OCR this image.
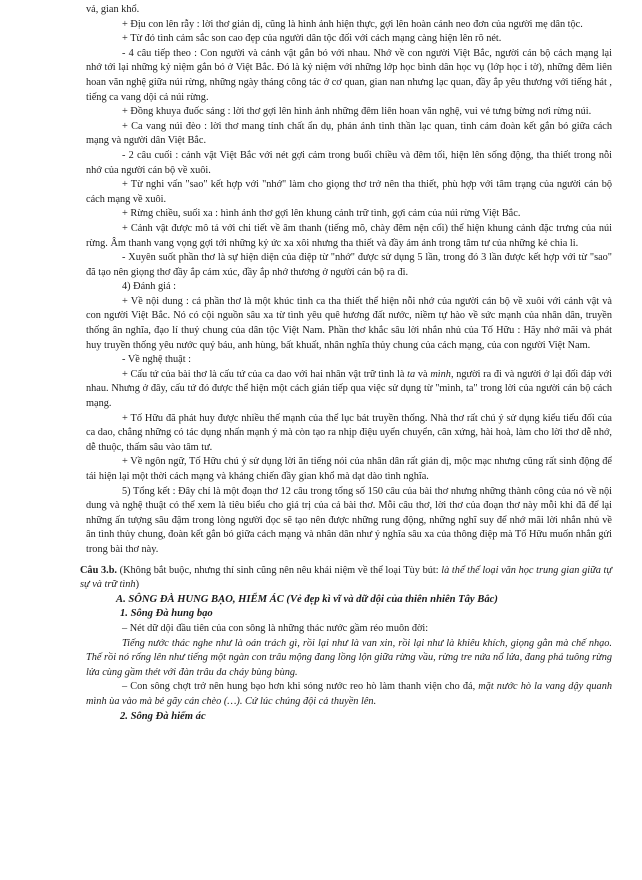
vả, gian khổ.

+ Địu con lên rẫy : lời thơ giản dị, cũng là hình ảnh hiện thực, gợi lên hoàn cảnh neo đơn của người mẹ dân tộc.

+ Từ đó tình cảm sắc son cao đẹp của người dân tộc đối với cách mạng càng hiện lên rõ nét.

- 4 câu tiếp theo : Con người và cảnh vật gắn bó với nhau. Nhớ về con người Việt Bắc, người cán bộ cách mạng lại nhớ tới lại những kỷ niệm gắn bó ở Việt Bắc. Đó là kỷ niệm với những lớp học bình dân học vụ (lớp học i tờ), những đêm liên hoan văn nghệ giữa núi rừng, những ngày tháng công tác ở cơ quan, gian nan nhưng lạc quan, đầy ắp yêu thương với tiếng hát , tiếng ca vang dội cả núi rừng.

+ Đồng khuya đuốc sáng : lời thơ gợi lên hình ảnh những đêm liên hoan văn nghệ, vui vẻ tưng bừng nơi rừng núi.

+ Ca vang núi đèo : lời thơ mang tính chất ẩn dụ, phản ánh tinh thần lạc quan, tình cảm đoàn kết gắn bó giữa cách mạng và người dân Việt Bắc.

- 2 câu cuối : cảnh vật Việt Bắc với nét gợi cảm trong buổi chiều và đêm tối, hiện lên sống động, tha thiết trong nỗi nhớ của người cán bộ về xuôi.

+ Từ nghi vấn "sao" kết hợp với "nhớ" làm cho giọng thơ trở nên tha thiết, phù hợp với tâm trạng của người cán bộ cách mạng về xuôi.

+ Rừng chiều, suối xa : hình ảnh thơ gợi lên khung cảnh trữ tình, gợi cảm của núi rừng Việt Bắc.

+ Cảnh vật được mô tả với chi tiết về âm thanh (tiếng mõ, chày đêm nện cối) thể hiện khung cảnh đặc trưng của núi rừng. Âm thanh vang vọng gợi tới những kỷ ức xa xôi nhưng tha thiết và đầy ám ảnh trong tâm tư của những kẻ chia li.

- Xuyên suốt phần thơ là sự hiện diện của điệp từ "nhớ" được sử dụng 5 lần, trong đó 3 lần được kết hợp với từ "sao" đã tạo nên giọng thơ đầy ắp cảm xúc, đầy ắp nhớ thương ở người cán bộ ra đi.

4) Đánh giá :

+ Về nội dung : cả phần thơ là một khúc tình ca tha thiết thể hiện nỗi nhớ của người cán bộ về xuôi với cảnh vật và con người Việt Bắc. Nó có cội nguồn sâu xa từ tình yêu quê hương đất nước, niềm tự hào về sức mạnh của nhân dân, truyền thống ân nghĩa, đạo lí thuỷ chung của dân tộc Việt Nam. Phần thơ khắc sâu lời nhắn nhủ của Tố Hữu : Hãy nhớ mãi và phát huy truyền thống yêu nước quý báu, anh hùng, bất khuất, nhân nghĩa thủy chung của cách mạng, của con người Việt Nam.

- Về nghệ thuật :

+ Cấu tứ của bài thơ là cấu tứ của ca dao với hai nhân vật trữ tình là ta và mình, người ra đi và người ở lại đối đáp với nhau. Nhưng ở đây, cấu tứ đó được thể hiện một cách gián tiếp qua việc sử dụng từ "mình, ta" trong lời của người cán bộ cách mạng.

+ Tố Hữu đã phát huy được nhiều thế mạnh của thể lục bát truyền thống. Nhà thơ rất chú ý sử dụng kiểu tiểu đối của ca dao, chẳng những có tác dụng nhấn mạnh ý mà còn tạo ra nhịp điệu uyển chuyển, cân xứng, hài hoà, làm cho lời thơ dễ nhớ, dễ thuộc, thấm sâu vào tâm tư.

+ Về ngôn ngữ, Tố Hữu chú ý sử dụng lời ăn tiếng nói của nhân dân rất giản dị, mộc mạc nhưng cũng rất sinh động để tái hiện lại một thời cách mạng và kháng chiến đầy gian khổ mà dạt dào tình nghĩa.

5) Tổng kết : Đây chỉ là một đoạn thơ 12 câu trong tổng số 150 câu của bài thơ nhưng những thành công của nó về nội dung và nghệ thuật có thể xem là tiêu biểu cho giá trị của cả bài thơ. Mỗi câu thơ, lời thơ của đoạn thơ này mỗi khi đã để lại những ấn tượng sâu đậm trong lòng người đọc sẽ tạo nên được những rung động, những nghĩ suy để nhớ mãi lời nhắn nhủ về ân tình thủy chung, đoàn kết gắn bó giữa cách mạng và nhân dân như ý nghĩa sâu xa của thông điệp mà Tố Hữu muốn nhắn gửi trong bài thơ này.

Câu 3.b. (Không bắt buộc, nhưng thí sinh cũng nên nêu khái niệm về thể loại Tùy bút: là thể thể loại văn học trung gian giữa tự sự và trữ tình)

A. SÔNG ĐÀ HUNG BẠO, HIỂM ÁC (Vẻ đẹp kì vĩ và dữ dội của thiên nhiên Tây Bắc)

1. Sông Đà hung bạo

– Nét dữ dội đầu tiên của con sông là những thác nước gầm réo muôn đời:

Tiếng nước thác nghe như là oán trách gì, rồi lại như là van xin, rồi lại như là khiêu khích, giọng gằn mà chế nhạo. Thế rồi nó rống lên như tiếng một ngàn con trâu mộng đang lồng lộn giữa rừng vầu, rừng tre nứa nổ lửa, đang phá tuông rừng lửa cùng gầm thét với đàn trâu da cháy bùng bùng.

– Con sông chợt trở nên hung bạo hơn khi sóng nước reo hò làm thanh viện cho đá, mặt nước hò la vang dậy quanh mình ùa vào mà bẻ gãy cán chèo (…). Cứ lúc chúng đội cả thuyền lên.

2. Sông Đà hiểm ác
